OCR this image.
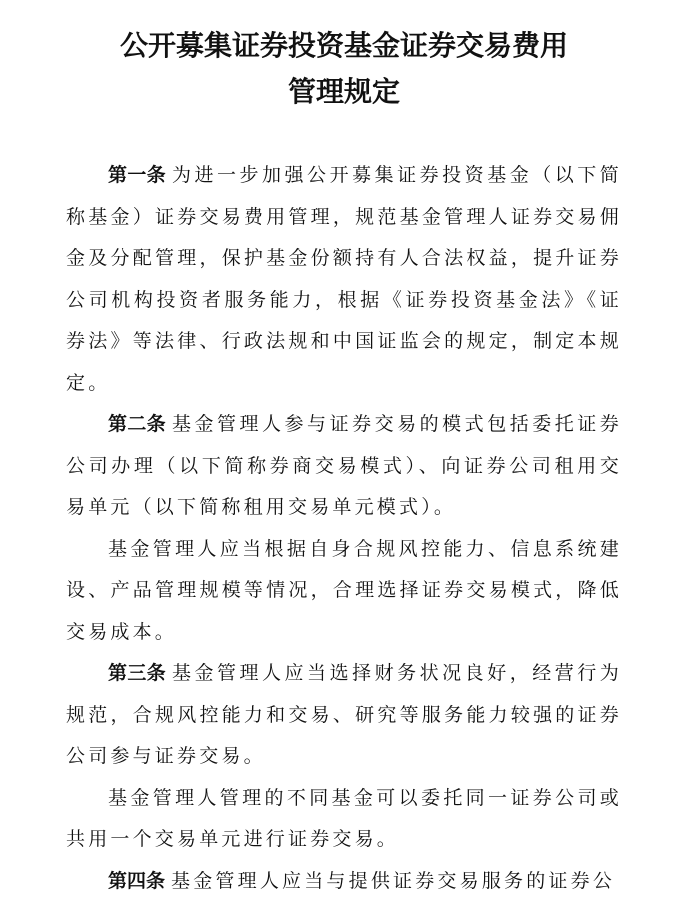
公开募集证券投资基金证券交易费用
管理规定

第一条 为进一步加强公开募集证券投资基金（以下简称基金）证券交易费用管理，规范基金管理人证券交易佣金及分配管理，保护基金份额持有人合法权益，提升证券公司机构投资者服务能力，根据《证券投资基金法》《证券法》等法律、行政法规和中国证监会的规定，制定本规定。

第二条 基金管理人参与证券交易的模式包括委托证券公司办理（以下简称券商交易模式）、向证券公司租用交易单元（以下简称租用交易单元模式）。

基金管理人应当根据自身合规风控能力、信息系统建设、产品管理规模等情况，合理选择证券交易模式，降低交易成本。

第三条 基金管理人应当选择财务状况良好，经营行为规范，合规风控能力和交易、研究等服务能力较强的证券公司参与证券交易。

基金管理人管理的不同基金可以委托同一证券公司或共用一个交易单元进行证券交易。

第四条 基金管理人应当与提供证券交易服务的证券公
